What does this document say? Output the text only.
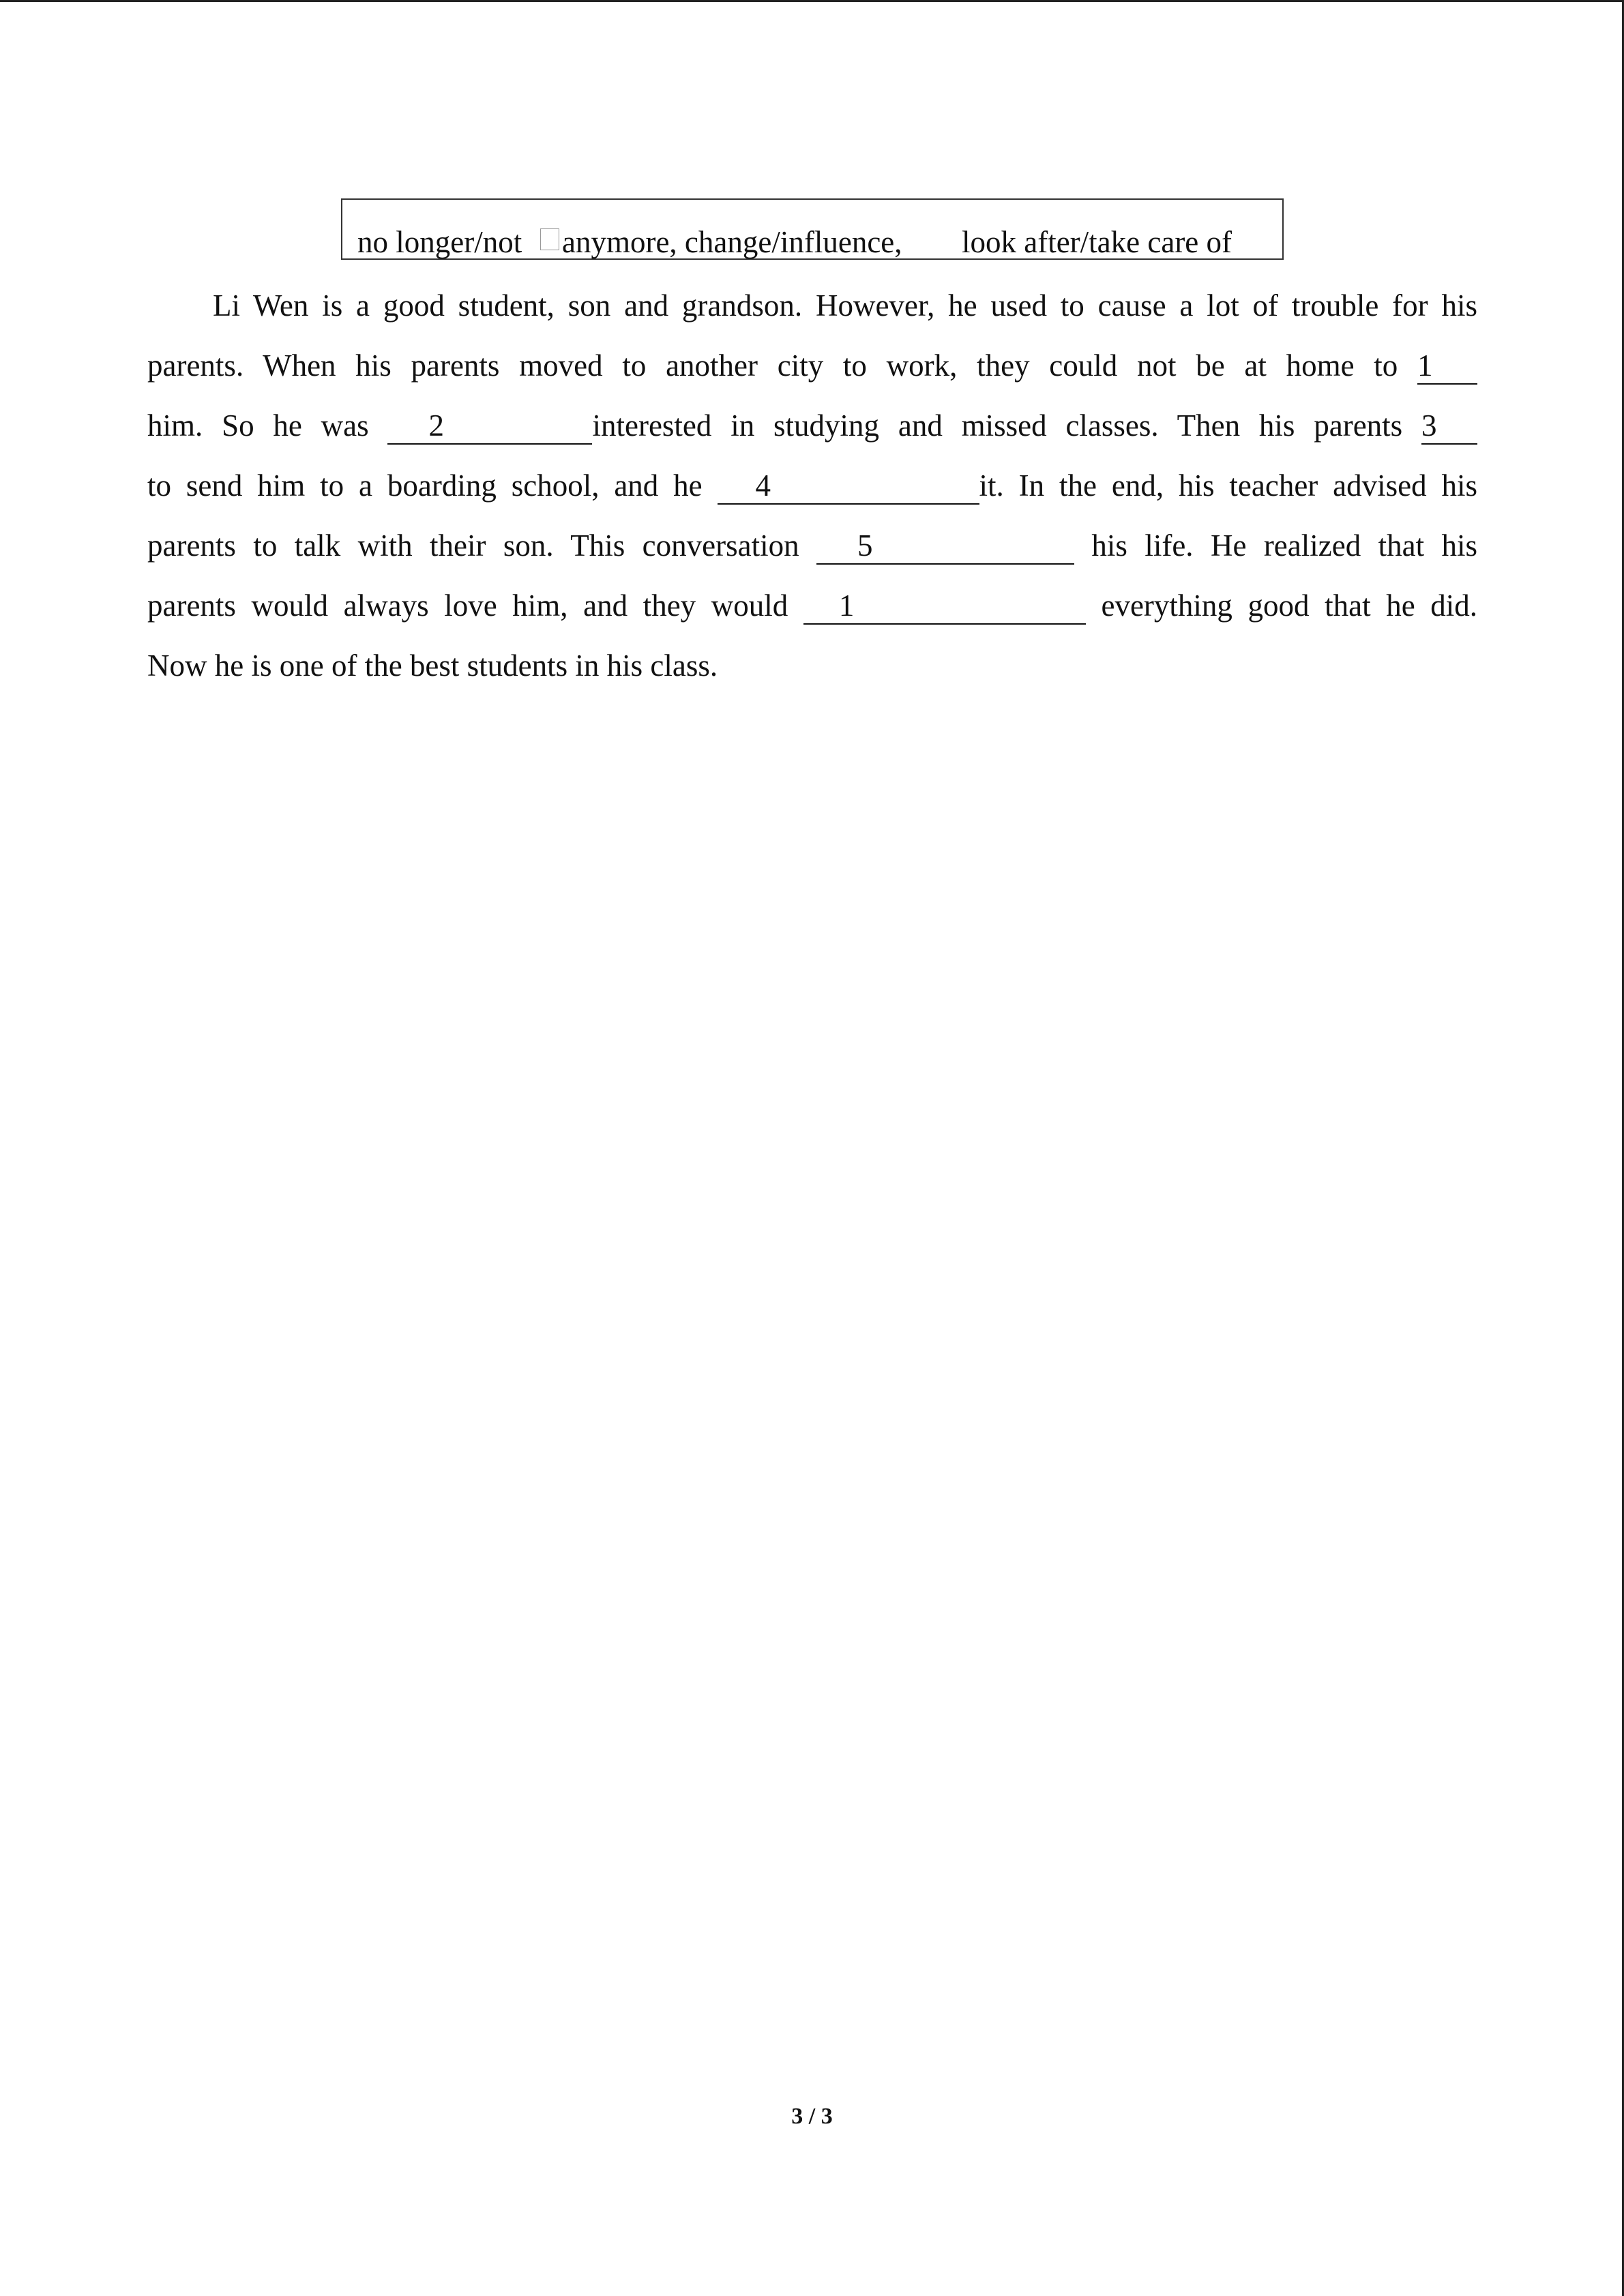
no longer/not anymore, change/influence, look after/take care of
Li Wen is a good student, son and grandson. However, he used to cause a lot of trouble for his
parents. When his parents moved to another city to work, they could not be at home to 1
him. So he was 2	interested in studying and missed classes. Then his parents 3
to send him to a boarding school, and he 4	it. In the end, his teacher advised his
parents to talk with their son. This conversation 5	his life. He realized that his
parents would always love him, and they would 1	everything good that he did.
Now he is one of the best students in his class.
3 / 3
